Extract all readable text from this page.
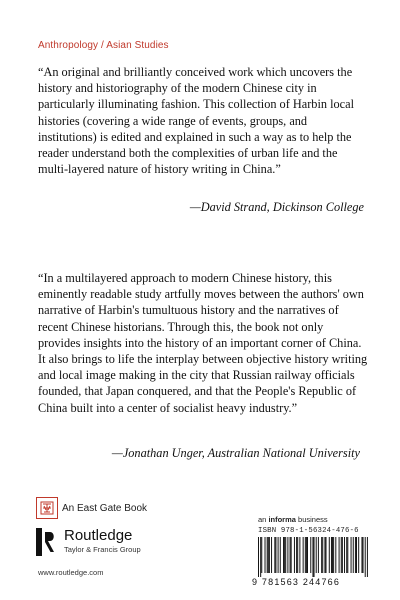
Anthropology / Asian Studies
“An original and brilliantly conceived work which uncovers the history and historiography of the modern Chinese city in particularly illuminating fashion. This collection of Harbin local histories (covering a wide range of events, groups, and institutions) is edited and explained in such a way as to help the reader understand both the complexities of urban life and the multi-layered nature of history writing in China.”
—David Strand, Dickinson College
“In a multilayered approach to modern Chinese history, this eminently readable study artfully moves between the authors' own narrative of Harbin's tumultuous history and the narratives of recent Chinese historians. Through this, the book not only provides insights into the history of an important corner of China. It also brings to life the interplay between objective history writing and local image making in the city that Russian railway officials founded, that Japan conquered, and that the People's Republic of China built into a center of socialist heavy industry.”
—Jonathan Unger, Australian National University
An East Gate Book
Routledge
Taylor & Francis Group
www.routledge.com
an informa business
ISBN 978-1-56324-476-6
9 781563 244766
